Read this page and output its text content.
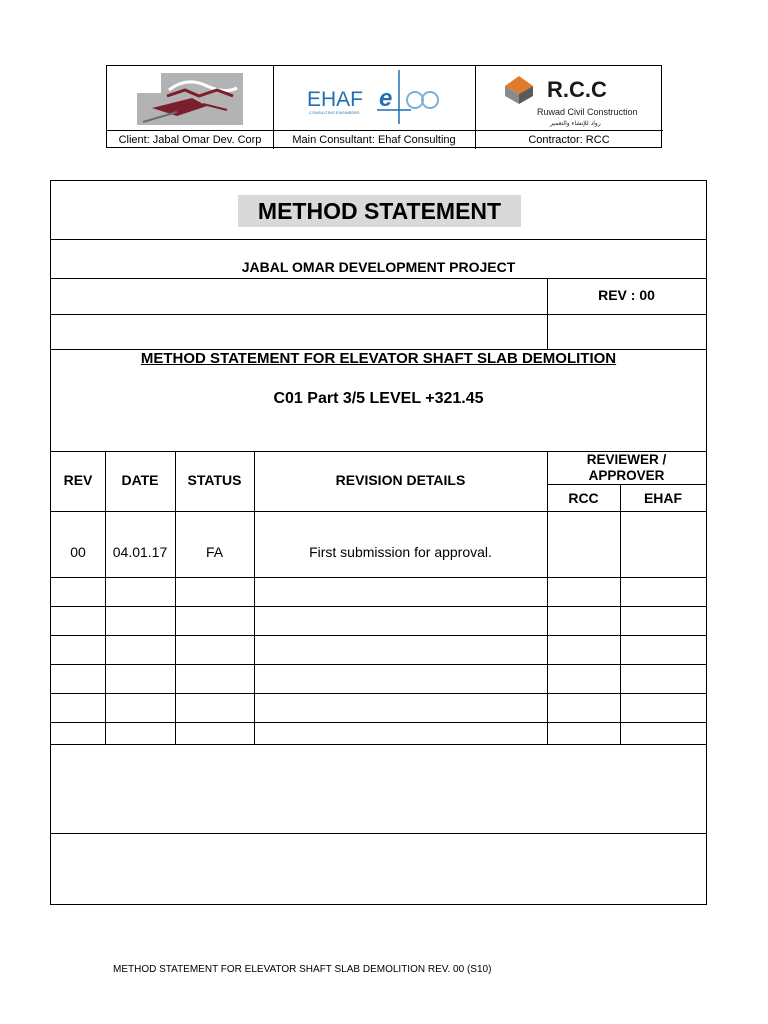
EHAF
CONSULTING ENGINEERS
e	R.C.C
Ruwad Civil Construction
رواد للإنشاء والتعمير
Client: Jabal Omar Dev. Corp	Main Consultant: Ehaf Consulting	Contractor: RCC
METHOD STATEMENT
JABAL OMAR DEVELOPMENT PROJECT
REV : 00
METHOD STATEMENT FOR ELEVATOR SHAFT SLAB DEMOLITION
C01 Part 3/5 LEVEL +321.45
REV	DATE	STATUS	REVISION DETAILS
REVIEWER / APPROVER
RCC	EHAF
00	04.01.17	FA	First submission for approval.
METHOD STATEMENT FOR ELEVATOR SHAFT SLAB DEMOLITION REV. 00 (S10)
